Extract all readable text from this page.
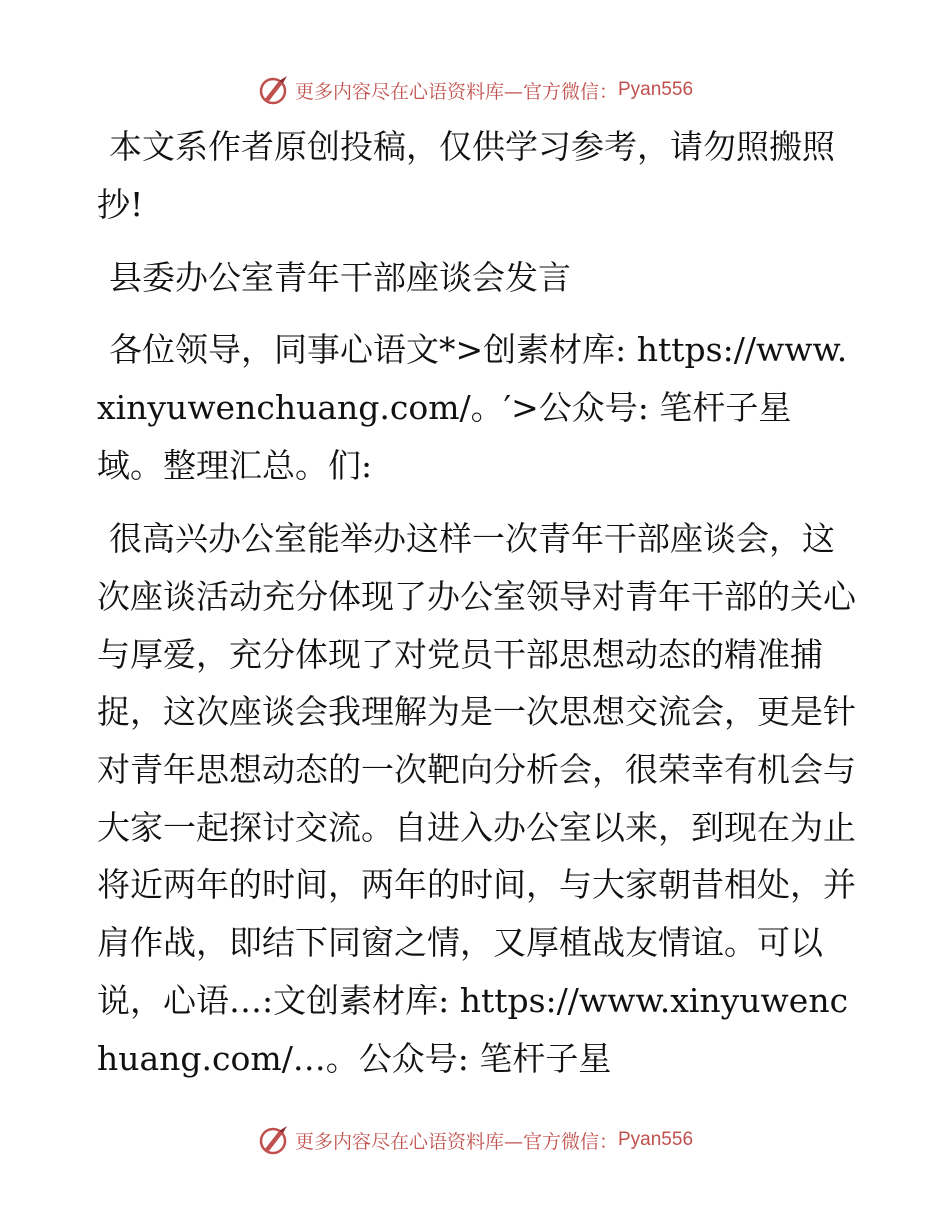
更多内容尽在心语资料库—官方微信： Pyan556

本文系作者原创投稿，仅供学习参考，请勿照搬照抄!

县委办公室青年干部座谈会发言

各位领导，同事心语文*>创素材库: https://www.xinyuwenchuang.com/。′>公众号: 笔杆子星域。整理汇总。们:

很高兴办公室能举办这样一次青年干部座谈会，这次座谈活动充分体现了办公室领导对青年干部的关心与厚爱，充分体现了对党员干部思想动态的精准捕捉，这次座谈会我理解为是一次思想交流会，更是针对青年思想动态的一次靶向分析会，很荣幸有机会与大家一起探讨交流。自进入办公室以来，到现在为止将近两年的时间，两年的时间，与大家朝昔相处，并肩作战，即结下同窗之情，又厚植战友情谊。可以说，心语…:文创素材库: https://www.xinyuwenchuang.com/…。公众号: 笔杆子星

更多内容尽在心语资料库—官方微信： Pyan556
